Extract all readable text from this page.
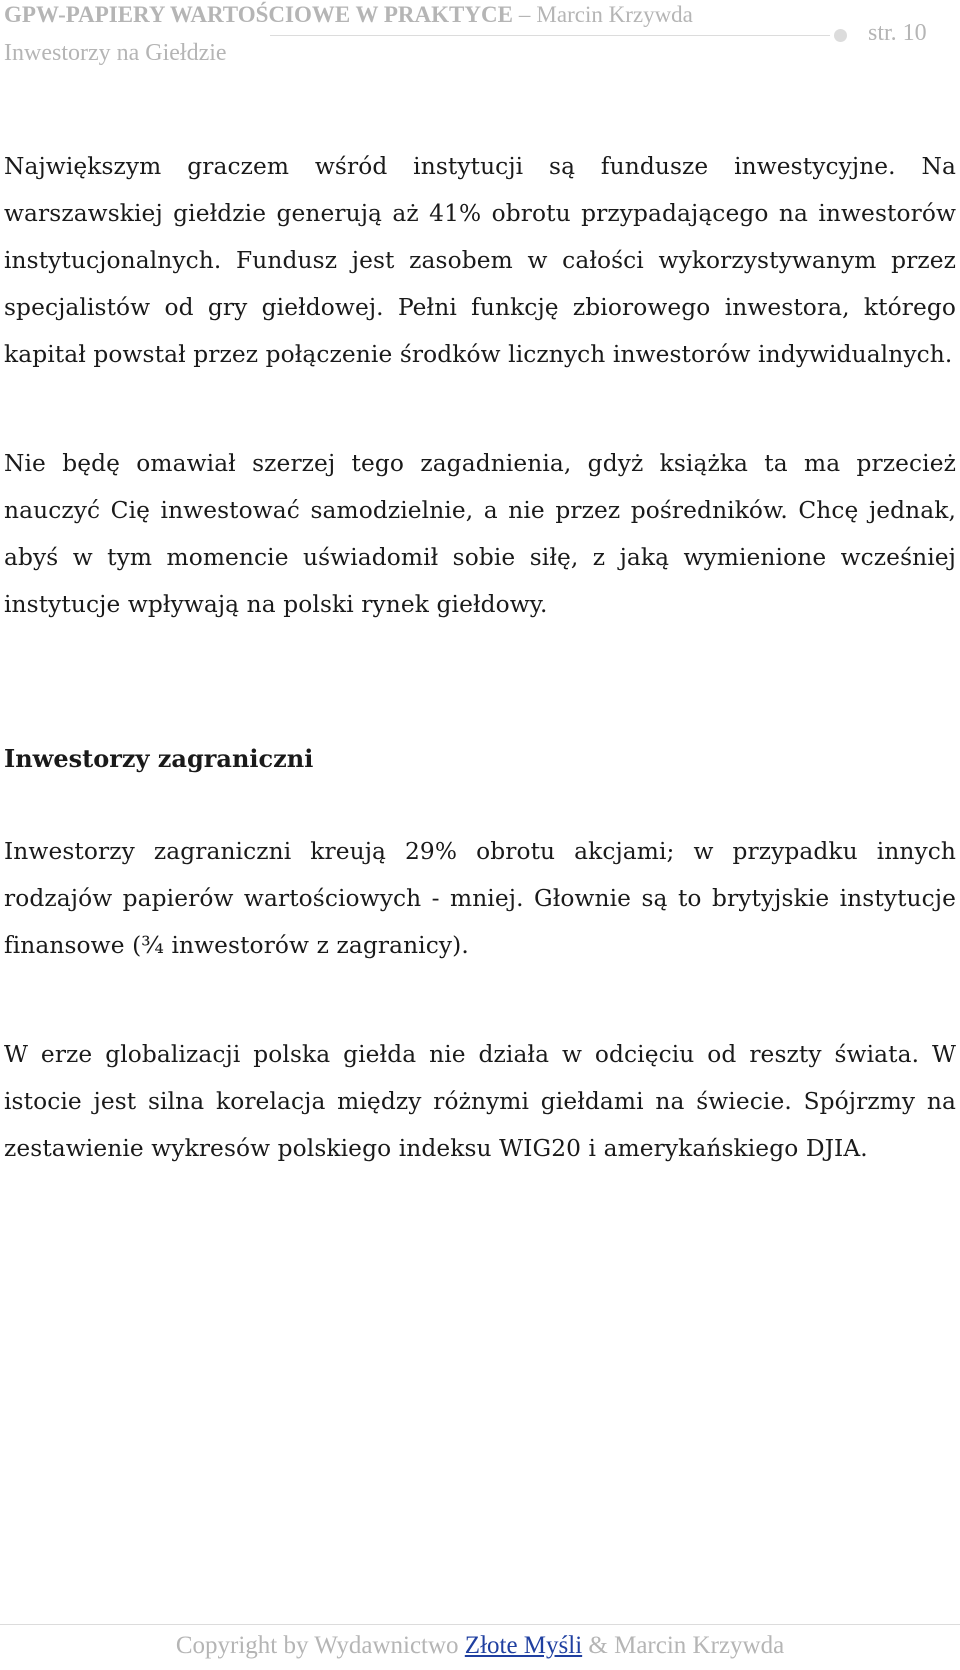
GPW-PAPIERY WARTOŚCIOWE W PRAKTYCE – Marcin Krzywda
Inwestorzy na Giełdzie
str. 10

Największym graczem wśród instytucji są fundusze inwestycyjne. Na warszawskiej giełdzie generują aż 41% obrotu przypadającego na inwestorów instytucjonalnych. Fundusz jest zasobem w całości wykorzystywanym przez specjalistów od gry giełdowej. Pełni funkcję zbiorowego inwestora, którego kapitał powstał przez połączenie środków licznych inwestorów indywidualnych.

Nie będę omawiał szerzej tego zagadnienia, gdyż książka ta ma przecież nauczyć Cię inwestować samodzielnie, a nie przez pośredników. Chcę jednak, abyś w tym momencie uświadomił sobie siłę, z jaką wymienione wcześniej instytucje wpływają na polski rynek giełdowy.

Inwestorzy zagraniczni

Inwestorzy zagraniczni kreują 29% obrotu akcjami; w przypadku innych rodzajów papierów wartościowych - mniej. Głownie są to brytyjskie instytucje finansowe (¾ inwestorów z zagranicy).

W erze globalizacji polska giełda nie działa w odcięciu od reszty świata. W istocie jest silna korelacja między różnymi giełdami na świecie. Spójrzmy na zestawienie wykresów polskiego indeksu WIG20 i amerykańskiego DJIA.

Copyright by Wydawnictwo Złote Myśli & Marcin Krzywda
